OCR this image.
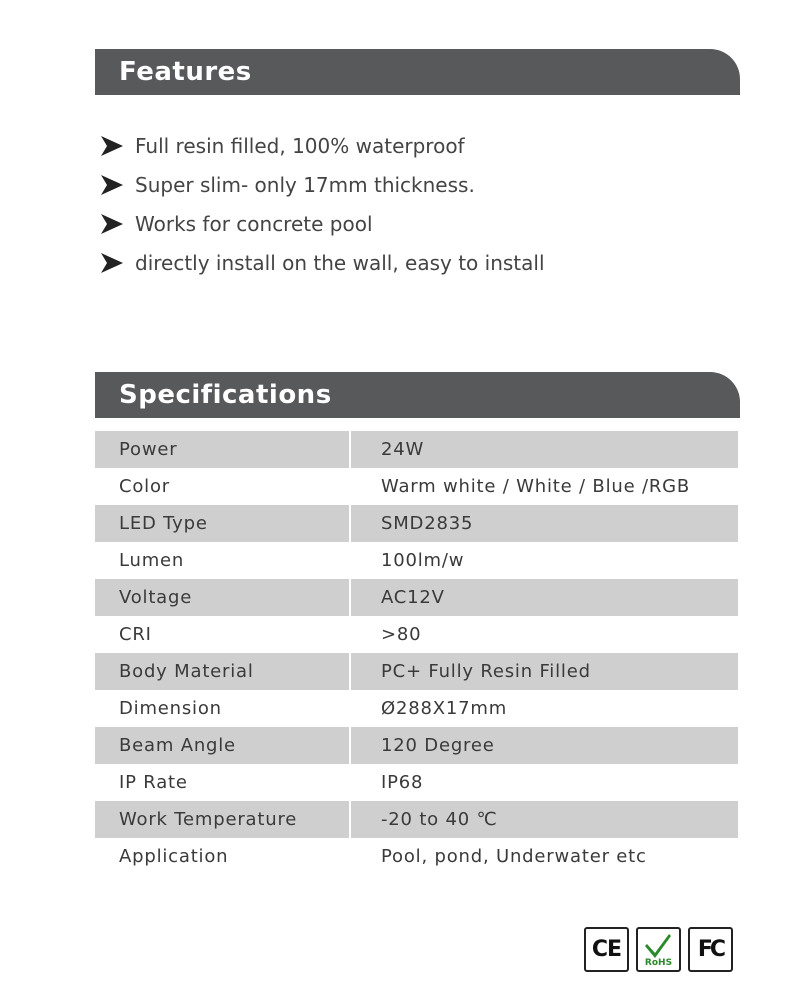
Features
Full resin filled, 100% waterproof
Super slim- only 17mm thickness.
Works for concrete pool
directly install on the wall, easy to install
Specifications
Power	24W
Color	Warm white / White / Blue /RGB
LED Type	SMD2835
Lumen	100lm/w
Voltage	AC12V
CRI	>80
Body Material	PC+ Fully Resin Filled
Dimension	Ø288X17mm
Beam Angle	120 Degree
IP Rate	IP68
Work Temperature	-20 to 40 ℃
Application	Pool, pond, Underwater etc
CE
RoHS
FC
